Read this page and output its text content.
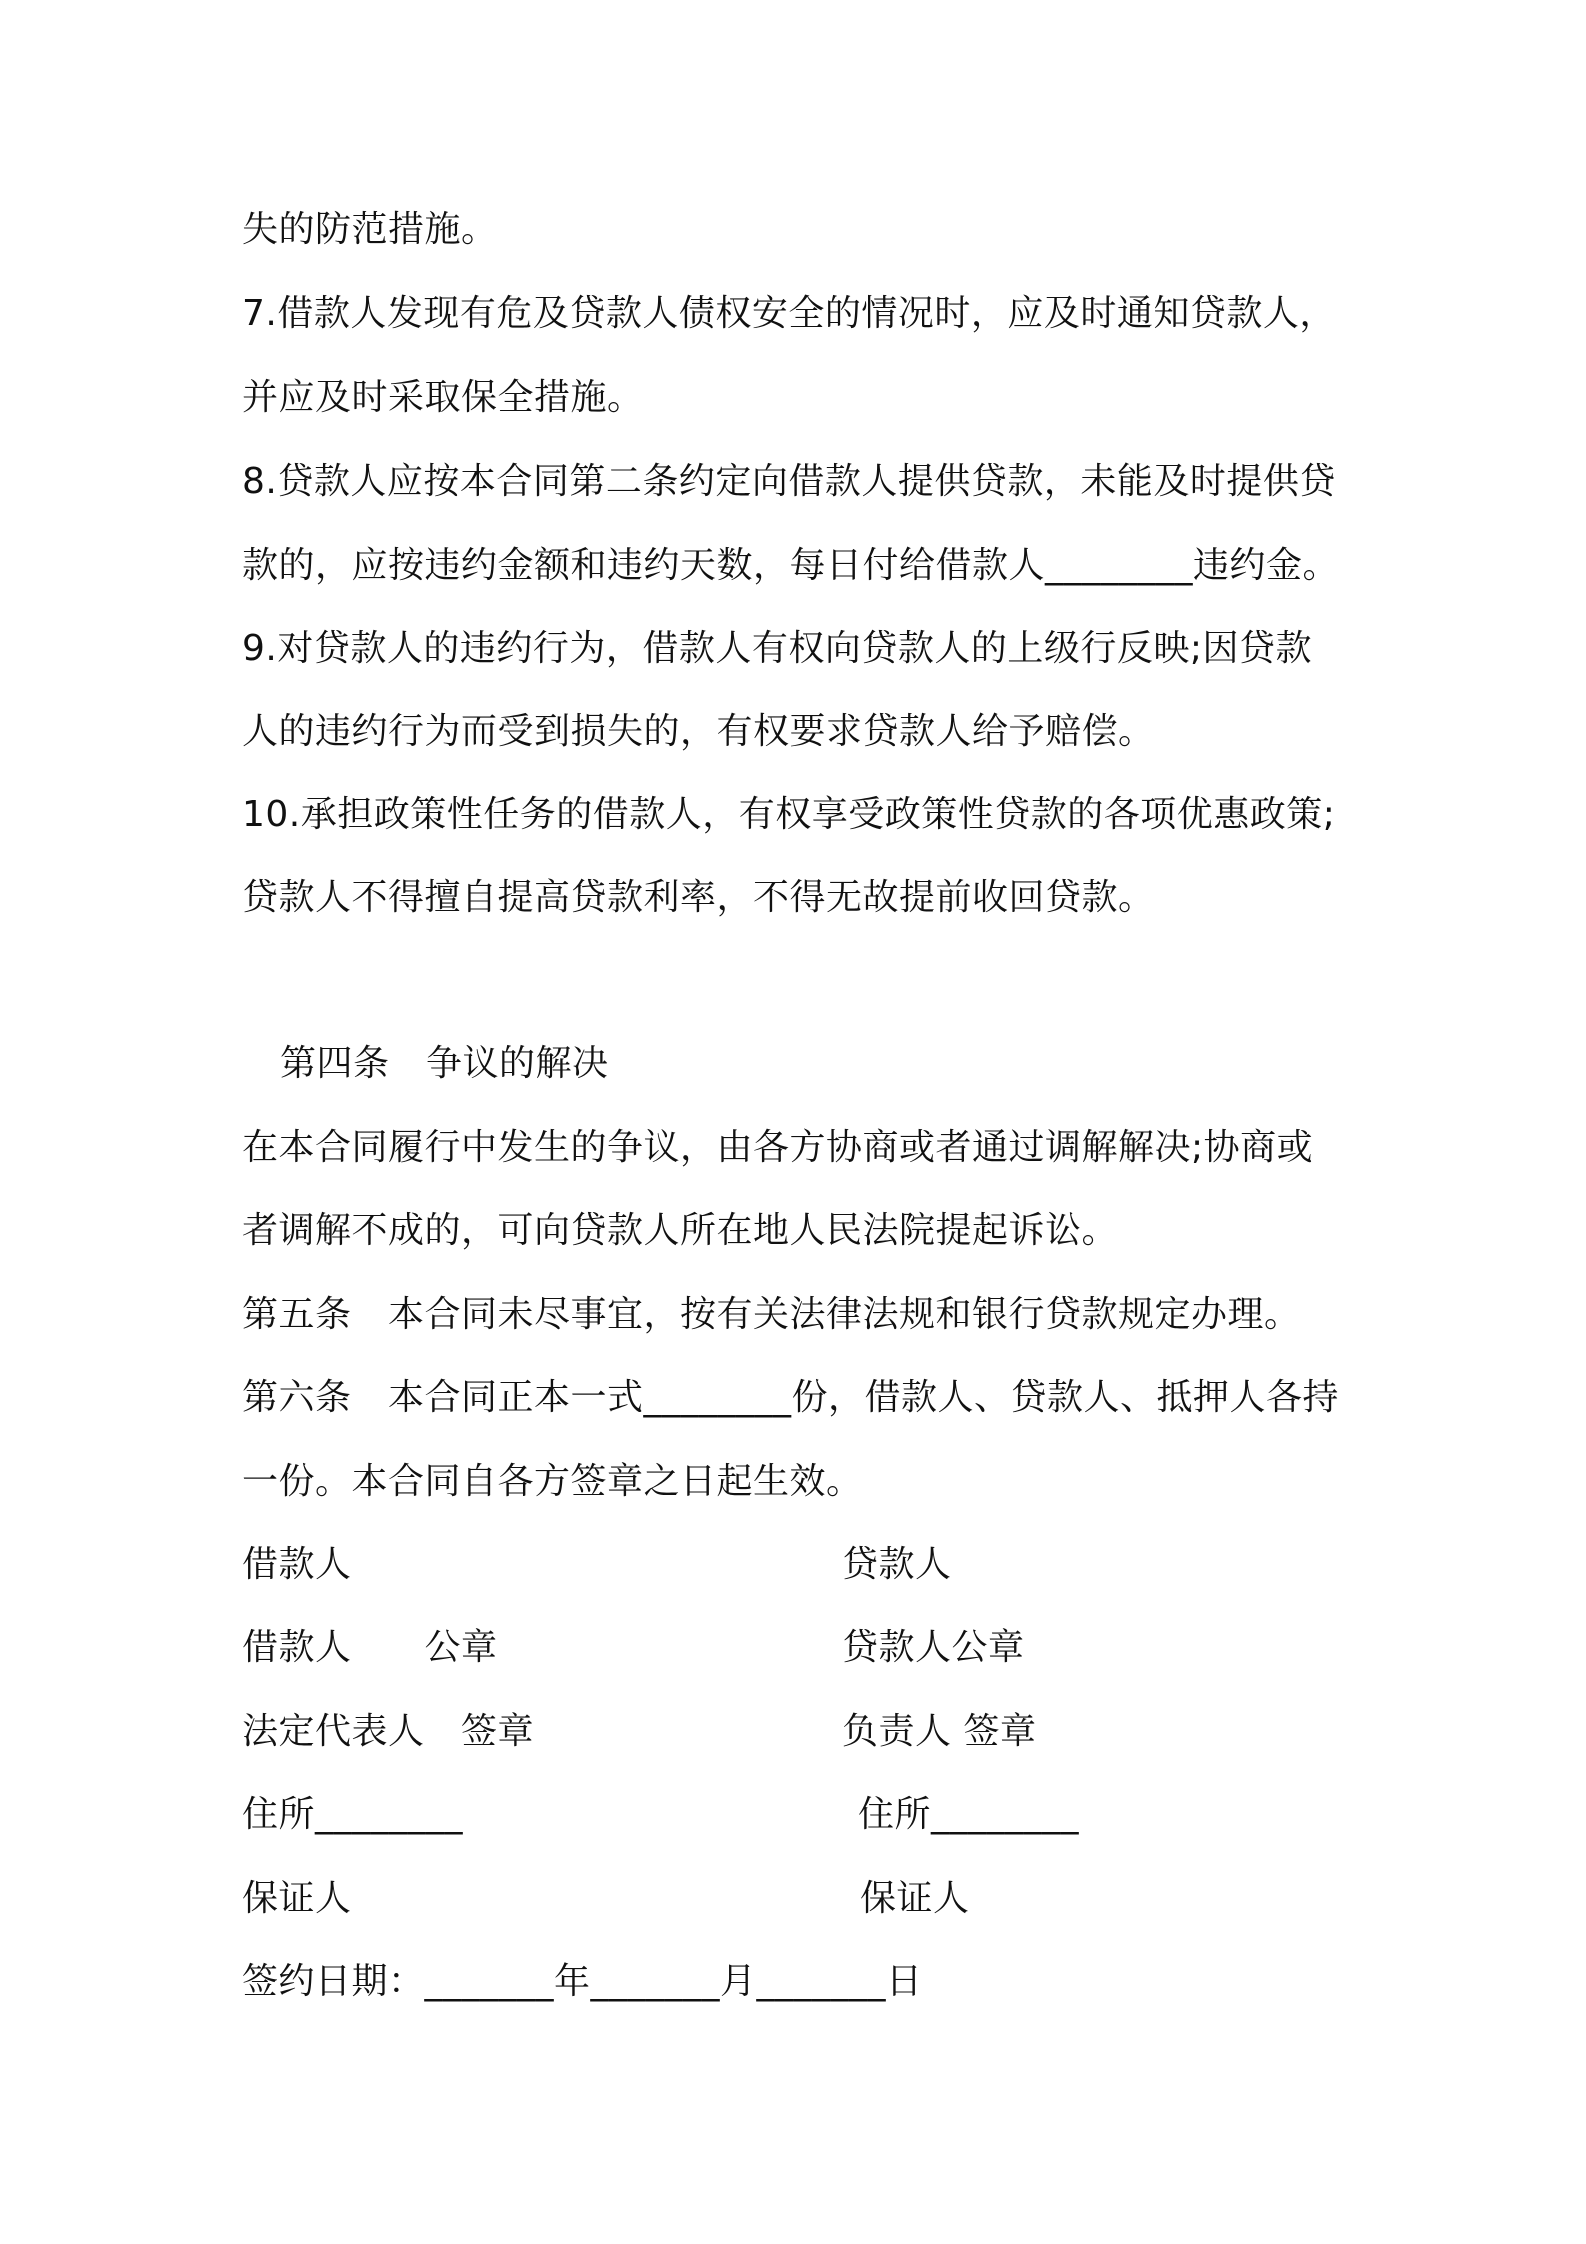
失的防范措施。
7.借款人发现有危及贷款人债权安全的情况时，应及时通知贷款人，
并应及时采取保全措施。
8.贷款人应按本合同第二条约定向借款人提供贷款，未能及时提供贷
款的，应按违约金额和违约天数，每日付给借款人________违约金。
9.对贷款人的违约行为，借款人有权向贷款人的上级行反映;因贷款
人的违约行为而受到损失的，有权要求贷款人给予赔偿。
10.承担政策性任务的借款人，有权享受政策性贷款的各项优惠政策;
贷款人不得擅自提高贷款利率，不得无故提前收回贷款。
第四条　争议的解决
在本合同履行中发生的争议，由各方协商或者通过调解解决;协商或
者调解不成的，可向贷款人所在地人民法院提起诉讼。
第五条　本合同未尽事宜，按有关法律法规和银行贷款规定办理。
第六条　本合同正本一式________份，借款人、贷款人、抵押人各持
一份。本合同自各方签章之日起生效。
借款人	贷款人
借款人　　公章	贷款人公章
法定代表人　签章	负责人 签章
住所________	住所________
保证人	保证人
签约日期：_______年_______月_______日
